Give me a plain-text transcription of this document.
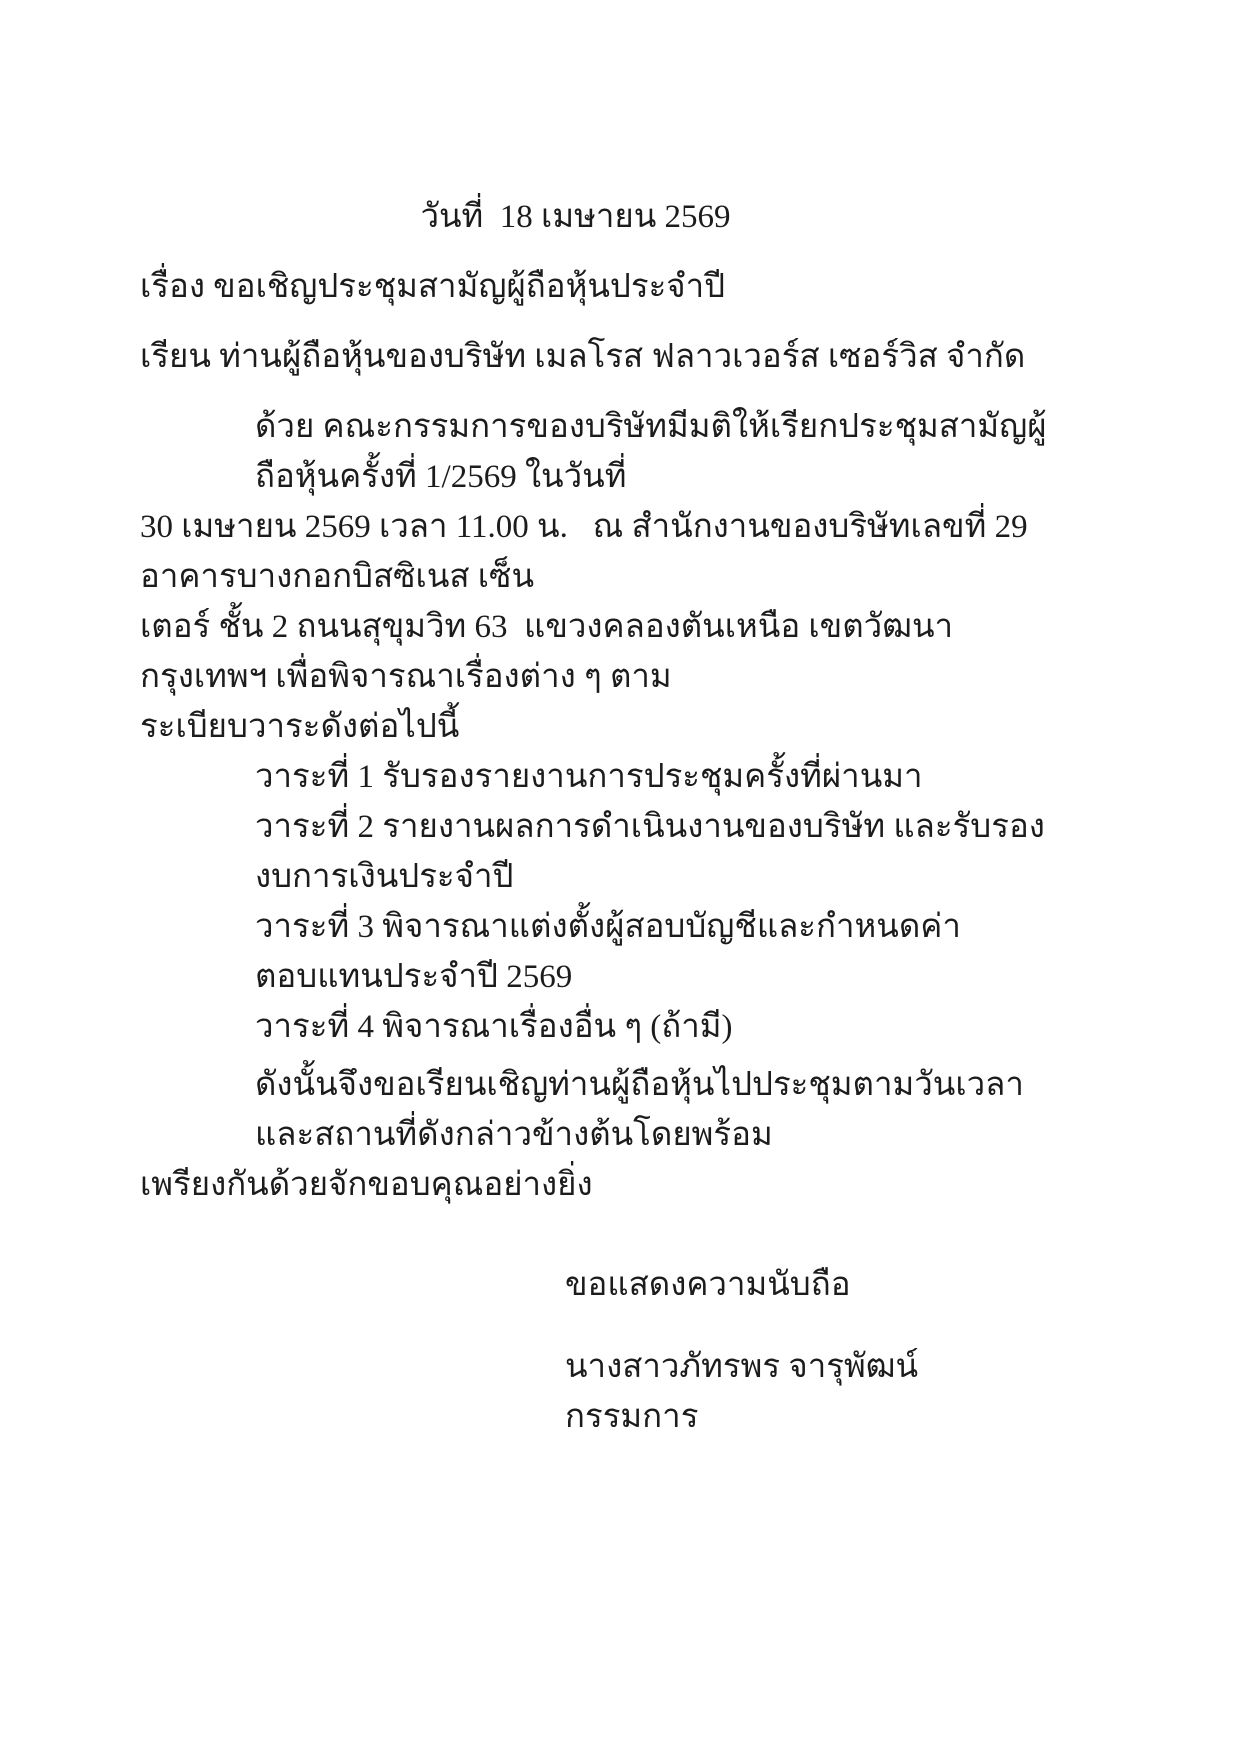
วันที่  18 เมษายน 2569
เรื่อง ขอเชิญประชุมสามัญผู้ถือหุ้นประจำปี
เรียน ท่านผู้ถือหุ้นของบริษัท เมลโรส ฟลาวเวอร์ส เซอร์วิส จำกัด
ด้วย คณะกรรมการของบริษัทมีมติให้เรียกประชุมสามัญผู้ถือหุ้นครั้งที่ 1/2569 ในวันที่
30 เมษายน 2569 เวลา 11.00 น.   ณ สำนักงานของบริษัทเลขที่ 29 อาคารบางกอกบิสซิเนส เซ็น
เตอร์ ชั้น 2 ถนนสุขุมวิท 63  แขวงคลองตันเหนือ เขตวัฒนา กรุงเทพฯ เพื่อพิจารณาเรื่องต่าง ๆ ตาม
ระเบียบวาระดังต่อไปนี้
วาระที่ 1 รับรองรายงานการประชุมครั้งที่ผ่านมา
วาระที่ 2 รายงานผลการดำเนินงานของบริษัท และรับรองงบการเงินประจำปี
วาระที่ 3 พิจารณาแต่งตั้งผู้สอบบัญชีและกำหนดค่าตอบแทนประจำปี 2569
วาระที่ 4 พิจารณาเรื่องอื่น ๆ (ถ้ามี)
ดังนั้นจึงขอเรียนเชิญท่านผู้ถือหุ้นไปประชุมตามวันเวลาและสถานที่ดังกล่าวข้างต้นโดยพร้อม
เพรียงกันด้วยจักขอบคุณอย่างยิ่ง
ขอแสดงความนับถือ
นางสาวภัทรพร จารุพัฒน์
กรรมการ
